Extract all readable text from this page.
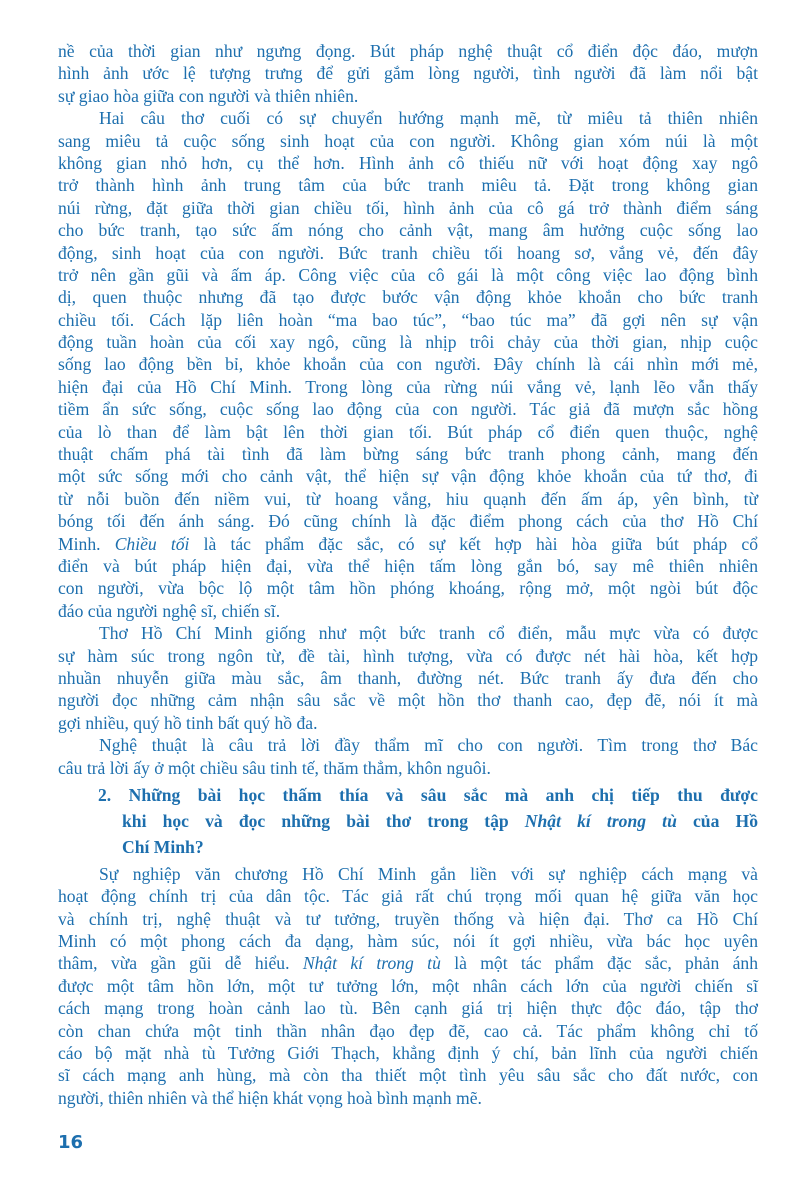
nề của thời gian như ngưng đọng. Bút pháp nghệ thuật cổ điển độc đáo, mượn
hình ảnh ước lệ tượng trưng để gửi gắm lòng người, tình người đã làm nổi bật
sự giao hòa giữa con người và thiên nhiên.
Hai câu thơ cuối có sự chuyển hướng mạnh mẽ, từ miêu tả thiên nhiên
sang miêu tả cuộc sống sinh hoạt của con người. Không gian xóm núi là một
không gian nhỏ hơn, cụ thể hơn. Hình ảnh cô thiếu nữ với hoạt động xay ngô
trở thành hình ảnh trung tâm của bức tranh miêu tả. Đặt trong không gian
núi rừng, đặt giữa thời gian chiều tối, hình ảnh của cô gá trở thành điểm sáng
cho bức tranh, tạo sức ấm nóng cho cảnh vật, mang âm hưởng cuộc sống lao
động, sinh hoạt của con người. Bức tranh chiều tối hoang sơ, vắng vẻ, đến đây
trở nên gần gũi và ấm áp. Công việc của cô gái là một công việc lao động bình
dị, quen thuộc nhưng đã tạo được bước vận động khỏe khoắn cho bức tranh
chiều tối. Cách lặp liên hoàn “ma bao túc”, “bao túc ma” đã gợi nên sự vận
động tuần hoàn của cối xay ngô, cũng là nhịp trôi chảy của thời gian, nhịp cuộc
sống lao động bền bỉ, khỏe khoắn của con người. Đây chính là cái nhìn mới mẻ,
hiện đại của Hồ Chí Minh. Trong lòng của rừng núi vắng vẻ, lạnh lẽo vẫn thấy
tiềm ẩn sức sống, cuộc sống lao động của con người. Tác giả đã mượn sắc hồng
của lò than để làm bật lên thời gian tối. Bút pháp cổ điển quen thuộc, nghệ
thuật chấm phá tài tình đã làm bừng sáng bức tranh phong cảnh, mang đến
một sức sống mới cho cảnh vật, thể hiện sự vận động khỏe khoắn của tứ thơ, đi
từ nỗi buồn đến niềm vui, từ hoang vắng, hiu quạnh đến ấm áp, yên bình, từ
bóng tối đến ánh sáng. Đó cũng chính là đặc điểm phong cách của thơ Hồ Chí
Minh. Chiều tối là tác phẩm đặc sắc, có sự kết hợp hài hòa giữa bút pháp cổ
điển và bút pháp hiện đại, vừa thể hiện tấm lòng gắn bó, say mê thiên nhiên
con người, vừa bộc lộ một tâm hồn phóng khoáng, rộng mở, một ngòi bút độc
đáo của người nghệ sĩ, chiến sĩ.
Thơ Hồ Chí Minh giống như một bức tranh cổ điển, mẫu mực vừa có được
sự hàm súc trong ngôn từ, đề tài, hình tượng, vừa có được nét hài hòa, kết hợp
nhuần nhuyễn giữa màu sắc, âm thanh, đường nét. Bức tranh ấy đưa đến cho
người đọc những cảm nhận sâu sắc về một hồn thơ thanh cao, đẹp đẽ, nói ít mà
gợi nhiều, quý hồ tinh bất quý hồ đa.
Nghệ thuật là câu trả lời đầy thẩm mĩ cho con người. Tìm trong thơ Bác
câu trả lời ấy ở một chiều sâu tinh tế, thăm thẳm, khôn nguôi.
2. Những bài học thấm thía và sâu sắc mà anh chị tiếp thu được
khi học và đọc những bài thơ trong tập Nhật kí trong tù của Hồ
Chí Minh?
Sự nghiệp văn chương Hồ Chí Minh gắn liền với sự nghiệp cách mạng và
hoạt động chính trị của dân tộc. Tác giả rất chú trọng mối quan hệ giữa văn học
và chính trị, nghệ thuật và tư tưởng, truyền thống và hiện đại. Thơ ca Hồ Chí
Minh có một phong cách đa dạng, hàm súc, nói ít gợi nhiều, vừa bác học uyên
thâm, vừa gần gũi dễ hiểu. Nhật kí trong tù là một tác phẩm đặc sắc, phản ánh
được một tâm hồn lớn, một tư tưởng lớn, một nhân cách lớn của người chiến sĩ
cách mạng trong hoàn cảnh lao tù. Bên cạnh giá trị hiện thực độc đáo, tập thơ
còn chan chứa một tinh thần nhân đạo đẹp đẽ, cao cả. Tác phẩm không chỉ tố
cáo bộ mặt nhà tù Tưởng Giới Thạch, khẳng định ý chí, bản lĩnh của người chiến
sĩ cách mạng anh hùng, mà còn tha thiết một tình yêu sâu sắc cho đất nước, con
người, thiên nhiên và thể hiện khát vọng hoà bình mạnh mẽ.
16
